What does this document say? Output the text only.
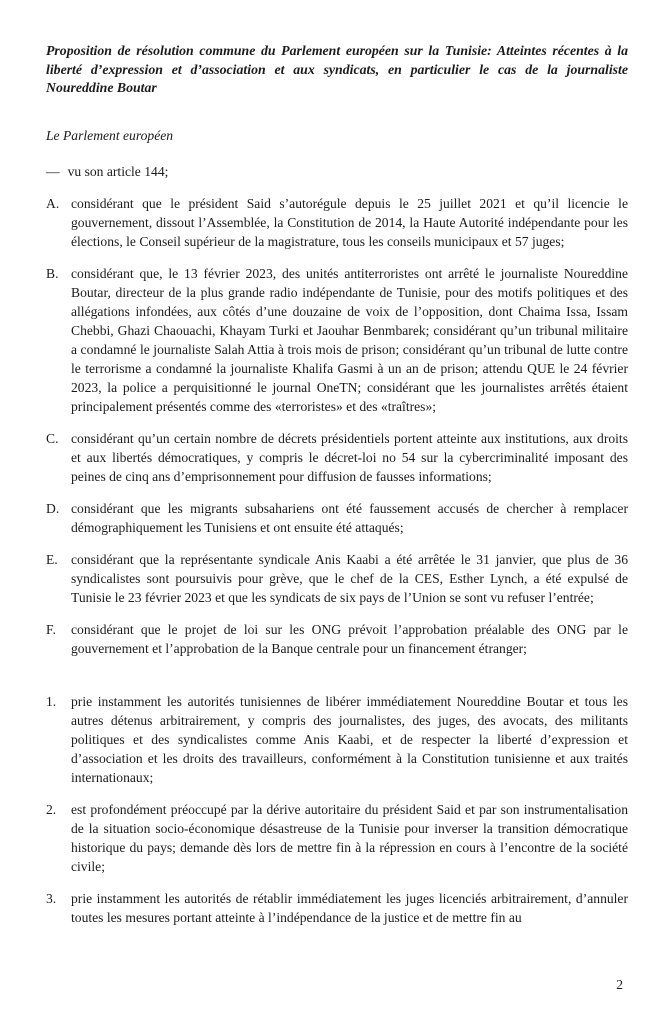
Proposition de résolution commune du Parlement européen sur la Tunisie: Atteintes récentes à la liberté d’expression et d’association et aux syndicats, en particulier le cas de la journaliste Noureddine Boutar

Le Parlement européen

— vu son article 144;
A. considérant que le président Said s’autorégule depuis le 25 juillet 2021 et qu’il licencie le gouvernement, dissout l’Assemblée, la Constitution de 2014, la Haute Autorité indépendante pour les élections, le Conseil supérieur de la magistrature, tous les conseils municipaux et 57 juges;
B. considérant que, le 13 février 2023, des unités antiterroristes ont arrêté le journaliste Noureddine Boutar, directeur de la plus grande radio indépendante de Tunisie, pour des motifs politiques et des allégations infondées, aux côtés d’une douzaine de voix de l’opposition, dont Chaima Issa, Issam Chebbi, Ghazi Chaouachi, Khayam Turki et Jaouhar Benmbarek; considérant qu’un tribunal militaire a condamné le journaliste Salah Attia à trois mois de prison; considérant qu’un tribunal de lutte contre le terrorisme a condamné la journaliste Khalifa Gasmi à un an de prison; attendu QUE le 24 février 2023, la police a perquisitionné le journal OneTN; considérant que les journalistes arrêtés étaient principalement présentés comme des «terroristes» et des «traîtres»;
C. considérant qu’un certain nombre de décrets présidentiels portent atteinte aux institutions, aux droits et aux libertés démocratiques, y compris le décret-loi no 54 sur la cybercriminalité imposant des peines de cinq ans d’emprisonnement pour diffusion de fausses informations;
D. considérant que les migrants subsahariens ont été faussement accusés de chercher à remplacer démographiquement les Tunisiens et ont ensuite été attaqués;
E. considérant que la représentante syndicale Anis Kaabi a été arrêtée le 31 janvier, que plus de 36 syndicalistes sont poursuivis pour grève, que le chef de la CES, Esther Lynch, a été expulsé de Tunisie le 23 février 2023 et que les syndicats de six pays de l’Union se sont vu refuser l’entrée;
F.	considérant que le projet de loi sur les ONG prévoit l’approbation préalable des ONG par le gouvernement et l’approbation de la Banque centrale pour un financement étranger;
1.	prie instamment les autorités tunisiennes de libérer immédiatement Noureddine Boutar et tous les autres détenus arbitrairement, y compris des journalistes, des juges, des avocats, des militants politiques et des syndicalistes comme Anis Kaabi, et de respecter la liberté d’expression et d’association et les droits des travailleurs, conformément à la Constitution tunisienne et aux traités internationaux;
2.	est profondément préoccupé par la dérive autoritaire du président Said et par son instrumentalisation de la situation socio-économique désastreuse de la Tunisie pour inverser la transition démocratique historique du pays; demande dès lors de mettre fin à la répression en cours à l’encontre de la société civile;
3.	prie instamment les autorités de rétablir immédiatement les juges licenciés arbitrairement, d’annuler toutes les mesures portant atteinte à l’indépendance de la justice et de mettre fin au
2
